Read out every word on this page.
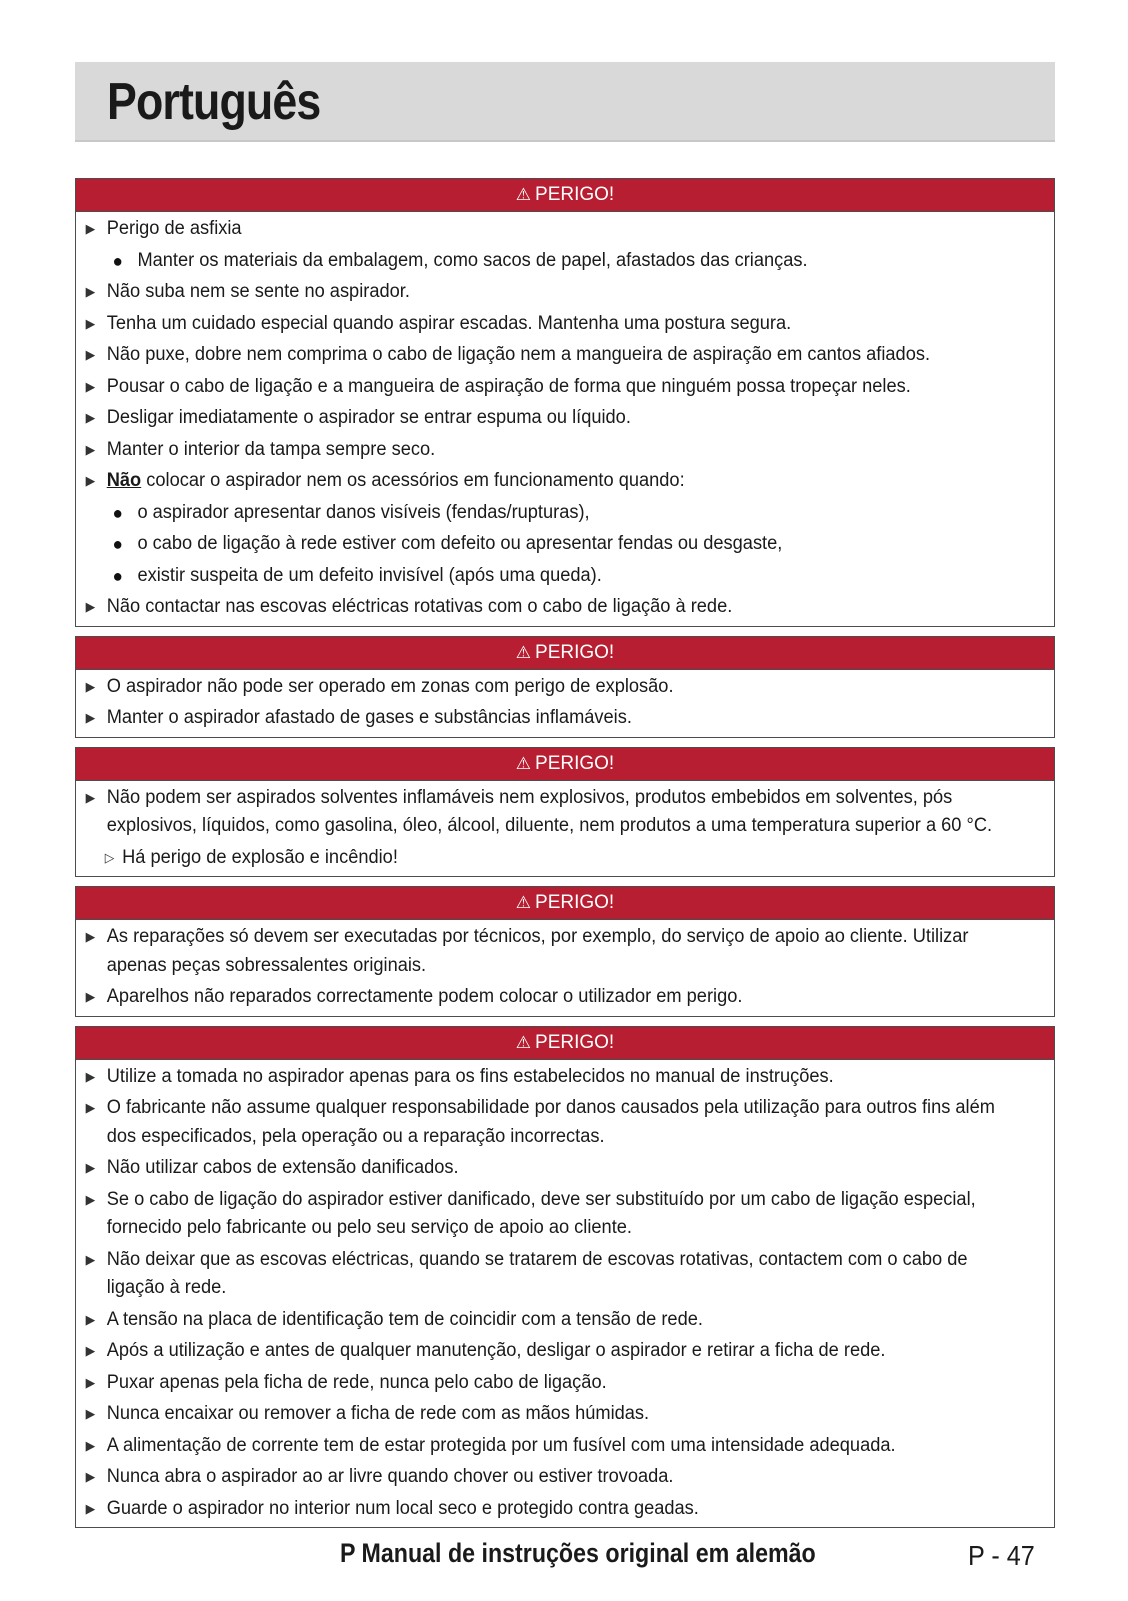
Português
⚠ PERIGO!
▶ Perigo de asfixia
● Manter os materiais da embalagem, como sacos de papel, afastados das crianças.
▶ Não suba nem se sente no aspirador.
▶ Tenha um cuidado especial quando aspirar escadas. Mantenha uma postura segura.
▶ Não puxe, dobre nem comprima o cabo de ligação nem a mangueira de aspiração em cantos afiados.
▶ Pousar o cabo de ligação e a mangueira de aspiração de forma que ninguém possa tropeçar neles.
▶ Desligar imediatamente o aspirador se entrar espuma ou líquido.
▶ Manter o interior da tampa sempre seco.
▶ Não colocar o aspirador nem os acessórios em funcionamento quando:
● o aspirador apresentar danos visíveis (fendas/rupturas),
● o cabo de ligação à rede estiver com defeito ou apresentar fendas ou desgaste,
● existir suspeita de um defeito invisível (após uma queda).
▶ Não contactar nas escovas eléctricas rotativas com o cabo de ligação à rede.
⚠ PERIGO!
▶ O aspirador não pode ser operado em zonas com perigo de explosão.
▶ Manter o aspirador afastado de gases e substâncias inflamáveis.
⚠ PERIGO!
▶ Não podem ser aspirados solventes inflamáveis nem explosivos, produtos embebidos em solventes, pós explosivos, líquidos, como gasolina, óleo, álcool, diluente, nem produtos a uma temperatura superior a 60 °C.
▷ Há perigo de explosão e incêndio!
⚠ PERIGO!
▶ As reparações só devem ser executadas por técnicos, por exemplo, do serviço de apoio ao cliente. Utilizar apenas peças sobressalentes originais.
▶ Aparelhos não reparados correctamente podem colocar o utilizador em perigo.
⚠ PERIGO!
▶ Utilize a tomada no aspirador apenas para os fins estabelecidos no manual de instruções.
▶ O fabricante não assume qualquer responsabilidade por danos causados pela utilização para outros fins além dos especificados, pela operação ou a reparação incorrectas.
▶ Não utilizar cabos de extensão danificados.
▶ Se o cabo de ligação do aspirador estiver danificado, deve ser substituído por um cabo de ligação especial, fornecido pelo fabricante ou pelo seu serviço de apoio ao cliente.
▶ Não deixar que as escovas eléctricas, quando se tratarem de escovas rotativas, contactem com o cabo de ligação à rede.
▶ A tensão na placa de identificação tem de coincidir com a tensão de rede.
▶ Após a utilização e antes de qualquer manutenção, desligar o aspirador e retirar a ficha de rede.
▶ Puxar apenas pela ficha de rede, nunca pelo cabo de ligação.
▶ Nunca encaixar ou remover a ficha de rede com as mãos húmidas.
▶ A alimentação de corrente tem de estar protegida por um fusível com uma intensidade adequada.
▶ Nunca abra o aspirador ao ar livre quando chover ou estiver trovoada.
▶ Guarde o aspirador no interior num local seco e protegido contra geadas.
P Manual de instruções original em alemão	P - 47
